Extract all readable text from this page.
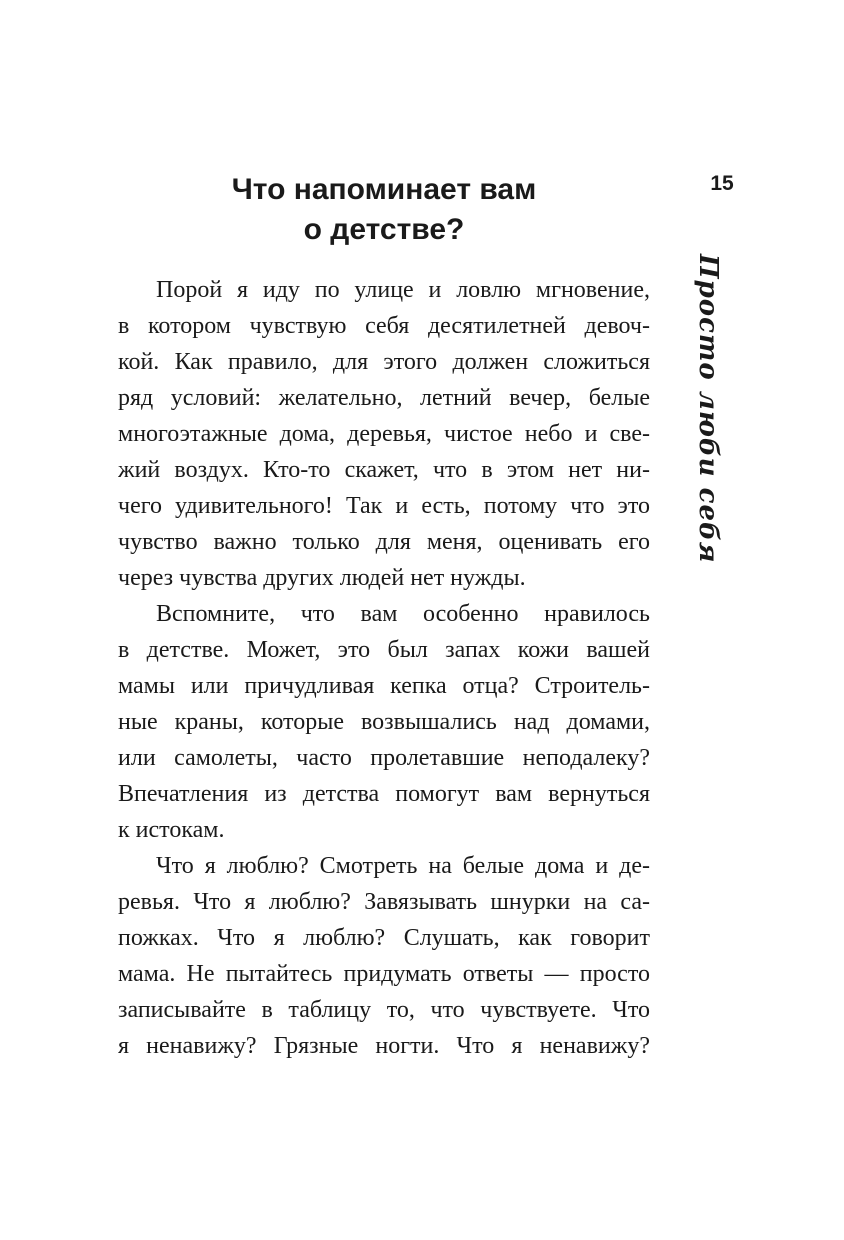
15
Просто люби себя
Что напоминает вам
о детстве?
Порой я иду по улице и ловлю мгновение,
в котором чувствую себя десятилетней девоч-
кой. Как правило, для этого должен сложиться
ряд условий: желательно, летний вечер, белые
многоэтажные дома, деревья, чистое небо и све-
жий воздух. Кто-то скажет, что в этом нет ни-
чего удивительного! Так и есть, потому что это
чувство важно только для меня, оценивать его
через чувства других людей нет нужды.
Вспомните, что вам особенно нравилось
в детстве. Может, это был запах кожи вашей
мамы или причудливая кепка отца? Строитель-
ные краны, которые возвышались над домами,
или самолеты, часто пролетавшие неподалеку?
Впечатления из детства помогут вам вернуться
к истокам.
Что я люблю? Смотреть на белые дома и де-
ревья. Что я люблю? Завязывать шнурки на са-
пожках. Что я люблю? Слушать, как говорит
мама. Не пытайтесь придумать ответы — просто
записывайте в таблицу то, что чувствуете. Что
я ненавижу? Грязные ногти. Что я ненавижу?
